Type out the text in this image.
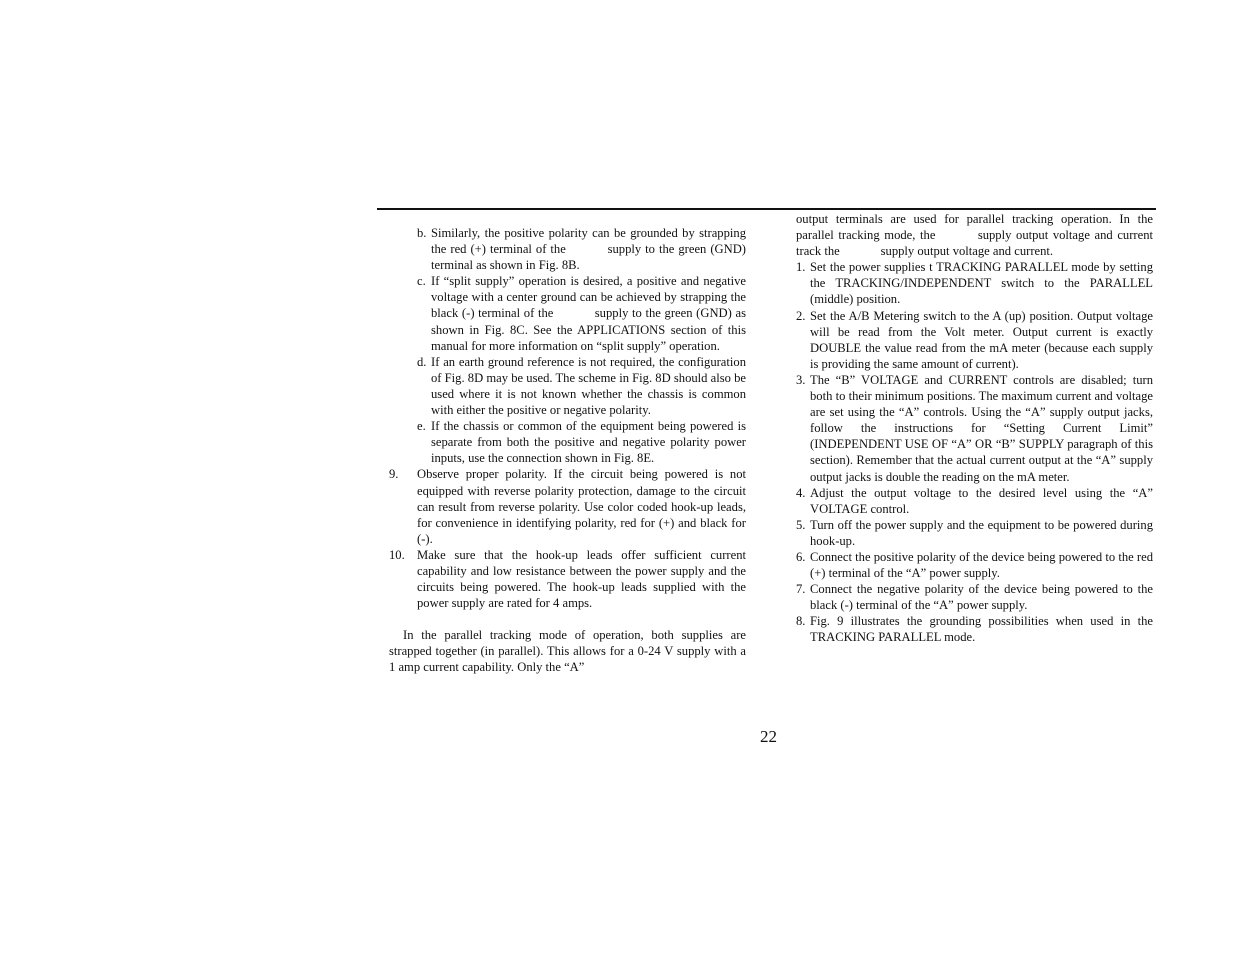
b. Similarly, the positive polarity can be grounded by strapping the red (+) terminal of the    supply to the green (GND) terminal as shown in Fig. 8B.
c. If “split supply” operation is desired, a positive and negative voltage with a center ground can be achieved by strapping the black (-) terminal of the    supply to the green (GND) as shown in Fig. 8C. See the APPLICATIONS section of this manual for more information on “split supply” operation.
d. If an earth ground reference is not required, the configuration of Fig. 8D may be used. The scheme in Fig. 8D should also be used where it is not known whether the chassis is common with either the positive or negative polarity.
e. If the chassis or common of the equipment being powered is separate from both the positive and negative polarity power inputs, use the connection shown in Fig. 8E.
9. Observe proper polarity. If the circuit being powered is not equipped with reverse polarity protection, damage to the circuit can result from reverse polarity. Use color coded hook-up leads, for convenience in identifying polarity, red for (+) and black for (-).
10. Make sure that the hook-up leads offer sufficient current capability and low resistance between the power supply and the circuits being powered. The hook-up leads supplied with the power supply are rated for 4 amps.

In the parallel tracking mode of operation, both supplies are strapped together (in parallel). This allows for a 0-24 V supply with a 1 amp current capability. Only the “A”

output terminals are used for parallel tracking operation. In the parallel tracking mode, the    supply output voltage and current track the    supply output voltage and current.

1. Set the power supplies t TRACKING PARALLEL mode by setting the TRACKING/INDEPENDENT switch to the PARALLEL (middle) position.
2. Set the A/B Metering switch to the A (up) position. Output voltage will be read from the Volt meter. Output current is exactly DOUBLE the value read from the mA meter (because each supply is providing the same amount of current).
3. The “B” VOLTAGE and CURRENT controls are disabled; turn both to their minimum positions. The maximum current and voltage are set using the “A” controls. Using the “A” supply output jacks, follow the instructions for “Setting Current Limit” (INDEPENDENT USE OF “A” OR “B” SUPPLY paragraph of this section). Remember that the actual current output at the “A” supply output jacks is double the reading on the mA meter.
4. Adjust the output voltage to the desired level using the “A” VOLTAGE control.
5. Turn off the power supply and the equipment to be powered during hook-up.
6. Connect the positive polarity of the device being powered to the red (+) terminal of the “A” power supply.
7. Connect the negative polarity of the device being powered to the black (-) terminal of the “A” power supply.
8. Fig. 9 illustrates the grounding possibilities when used in the TRACKING PARALLEL mode.
22
